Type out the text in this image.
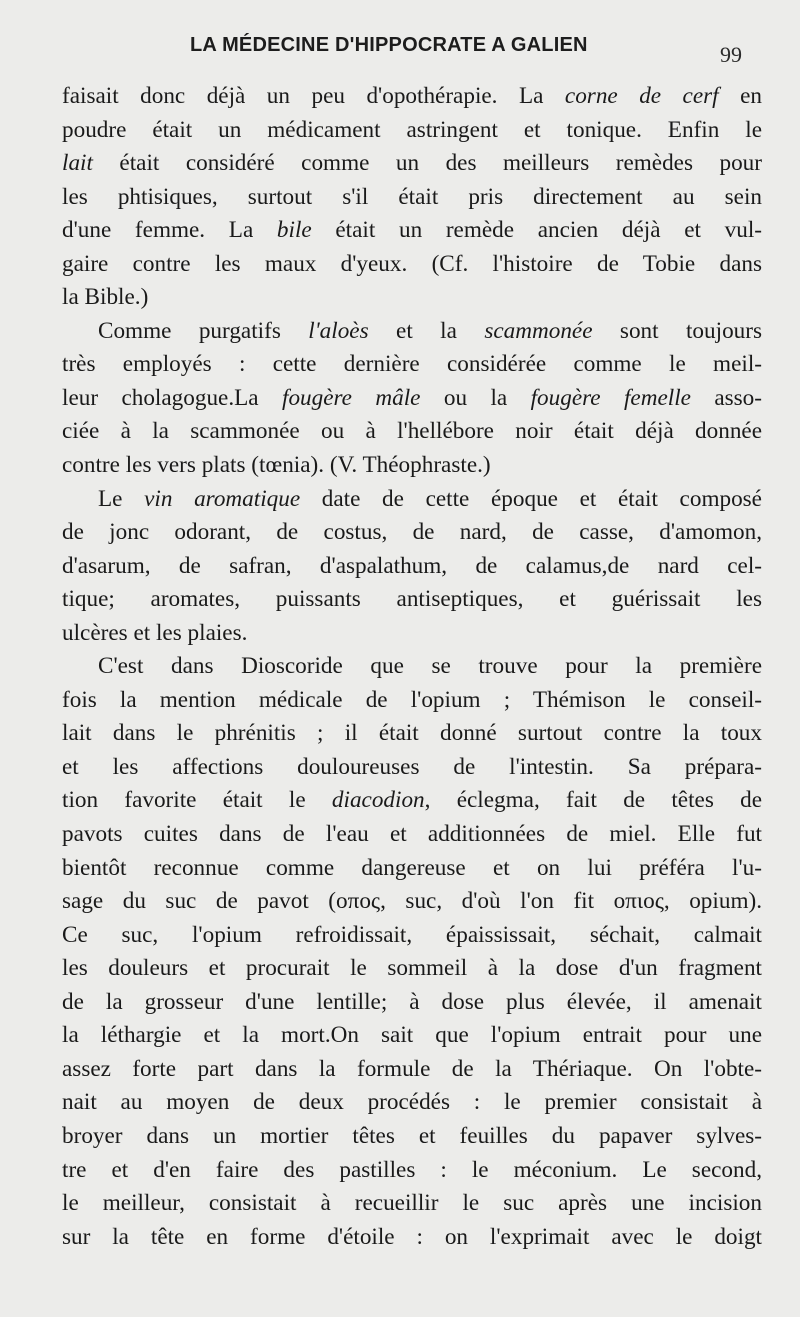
LA MÉDECINE D'HIPPOCRATE A GALIEN	99
faisait donc déjà un peu d'opothérapie. La corne de cerf en
poudre était un médicament astringent et tonique. Enfin le
lait était considéré comme un des meilleurs remèdes pour
les phtisiques, surtout s'il était pris directement au sein
d'une femme. La bile était un remède ancien déjà et vul-
gaire contre les maux d'yeux. (Cf. l'histoire de Tobie dans
la Bible.)
Comme purgatifs l'aloès et la scammonée sont toujours
très employés : cette dernière considérée comme le meil-
leur cholagogue.La fougère mâle ou la fougère femelle asso-
ciée à la scammonée ou à l'hellébore noir était déjà donnée
contre les vers plats (tœnia). (V. Théophraste.)
Le vin aromatique date de cette époque et était composé
de jonc odorant, de costus, de nard, de casse, d'amomon,
d'asarum, de safran, d'aspalathum, de calamus,de nard cel-
tique; aromates, puissants antiseptiques, et guérissait les
ulcères et les plaies.
C'est dans Dioscoride que se trouve pour la première
fois la mention médicale de l'opium ; Thémison le conseil-
lait dans le phrénitis ; il était donné surtout contre la toux
et les affections douloureuses de l'intestin. Sa prépara-
tion favorite était le diacodion, éclegma, fait de têtes de
pavots cuites dans de l'eau et additionnées de miel. Elle fut
bientôt reconnue comme dangereuse et on lui préféra l'u-
sage du suc de pavot (οπος, suc, d'où l'on fit οπιος, opium).
Ce suc, l'opium refroidissait, épaississait, séchait, calmait
les douleurs et procurait le sommeil à la dose d'un fragment
de la grosseur d'une lentille; à dose plus élevée, il amenait
la léthargie et la mort.On sait que l'opium entrait pour une
assez forte part dans la formule de la Thériaque. On l'obte-
nait au moyen de deux procédés : le premier consistait à
broyer dans un mortier têtes et feuilles du papaver sylves-
tre et d'en faire des pastilles : le méconium. Le second,
le meilleur, consistait à recueillir le suc après une incision
sur la tête en forme d'étoile : on l'exprimait avec le doigt
